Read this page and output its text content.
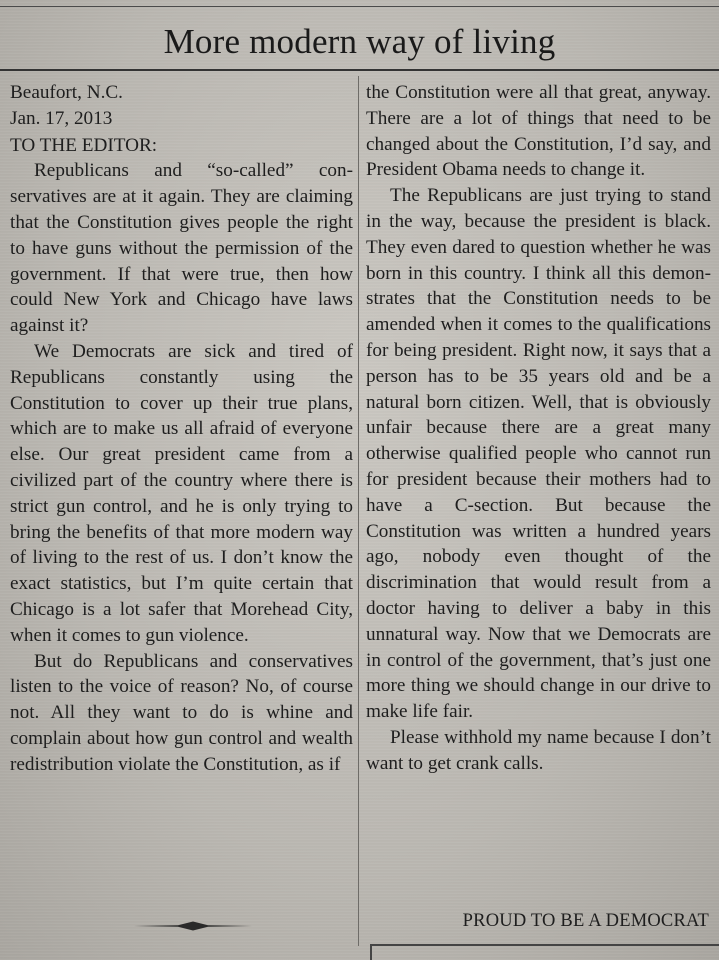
More modern way of living

Beaufort, N.C.

Jan. 17, 2013

TO THE EDITOR:

Republicans and “so-called” conservatives are at it again. They are claiming that the Constitution gives people the right to have guns without the permission of the government. If that were true, then how could New York and Chicago have laws against it?

We Democrats are sick and tired of Republicans constantly using the Constitution to cover up their true plans, which are to make us all afraid of everyone else. Our great president came from a civilized part of the country where there is strict gun control, and he is only trying to bring the benefits of that more modern way of living to the rest of us. I don’t know the exact statistics, but I’m quite certain that Chicago is a lot safer that Morehead City, when it comes to gun violence.

But do Republicans and conservatives listen to the voice of reason? No, of course not. All they want to do is whine and complain about how gun control and wealth redistribution violate the Constitution, as if

the Constitution were all that great, anyway. There are a lot of things that need to be changed about the Constitution, I’d say, and President Obama needs to change it.

The Republicans are just trying to stand in the way, because the president is black. They even dared to question whether he was born in this country. I think all this demonstrates that the Constitution needs to be amended when it comes to the qualifications for being president. Right now, it says that a person has to be 35 years old and be a natural born citizen. Well, that is obviously unfair because there are a great many otherwise qualified people who cannot run for president because their mothers had to have a C-section. But because the Constitution was written a hundred years ago, nobody even thought of the discrimination that would result from a doctor having to deliver a baby in this unnatural way. Now that we Democrats are in control of the government, that’s just one more thing we should change in our drive to make life fair.

Please withhold my name because I don’t want to get crank calls.

PROUD TO BE A DEMOCRAT
